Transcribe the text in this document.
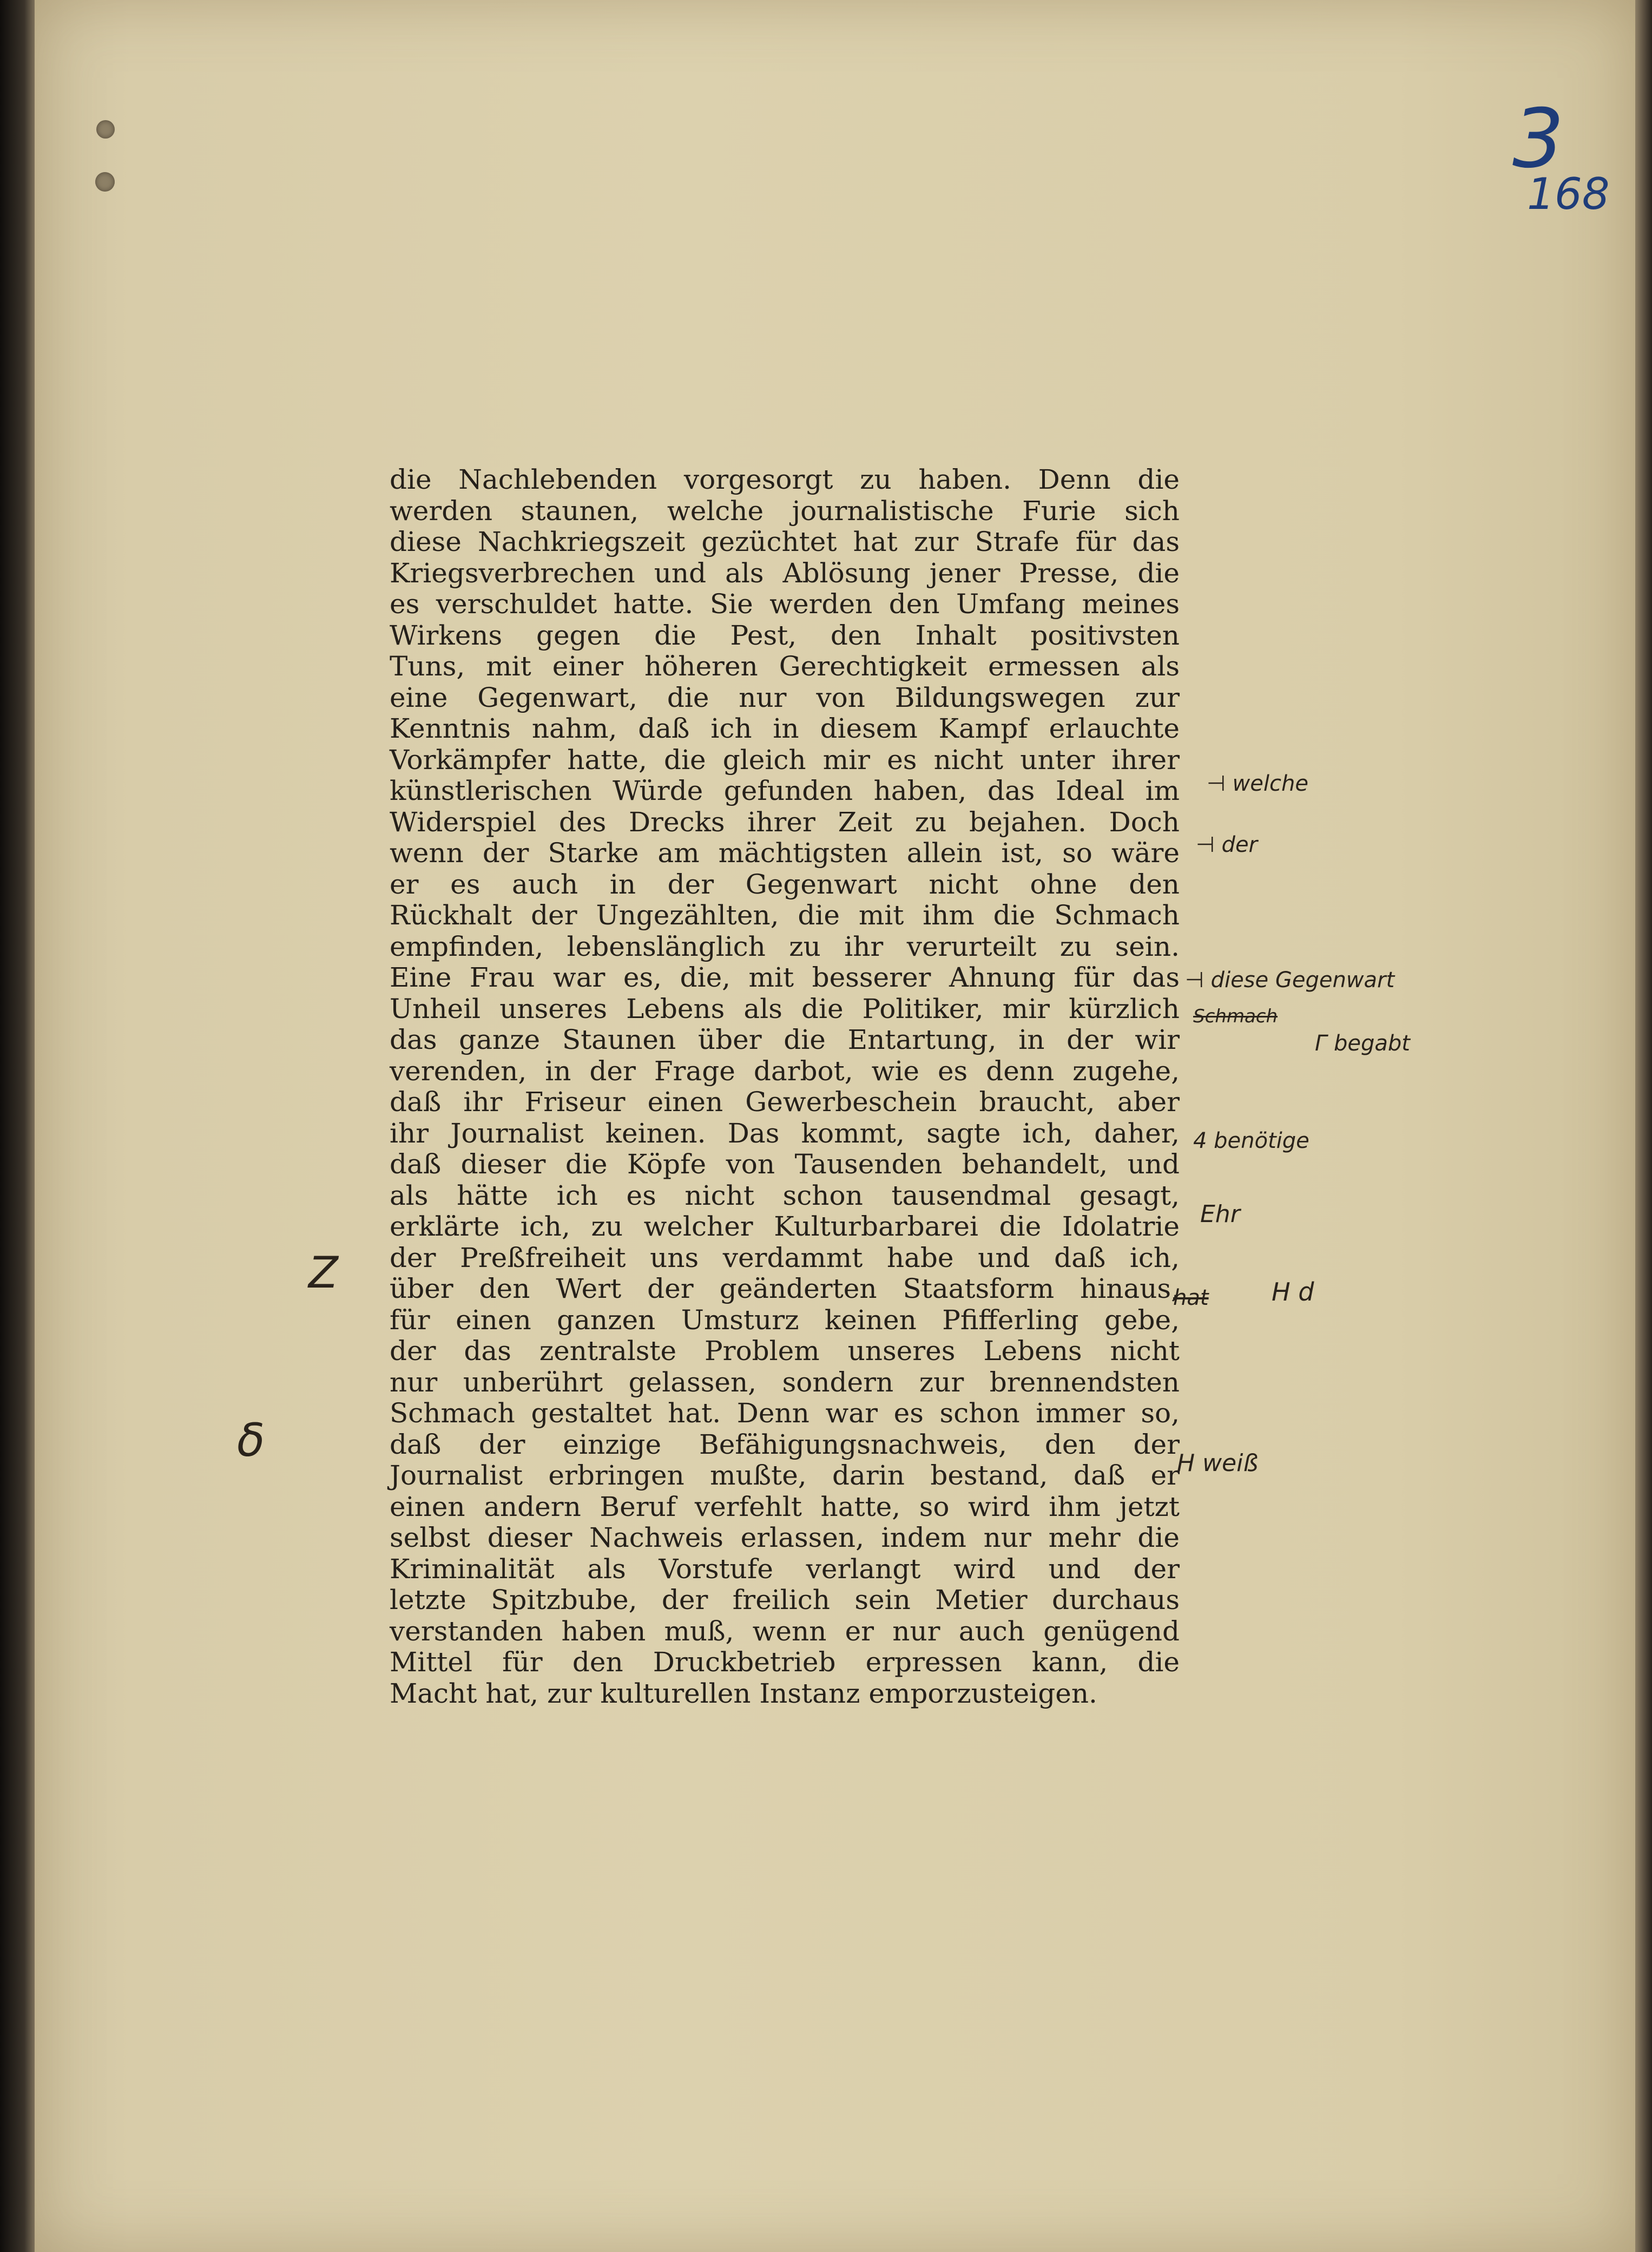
3
168
die Nachlebenden vorgesorgt zu haben. Denn die
werden staunen, welche journalistische Furie sich
diese Nachkriegszeit gezüchtet hat zur Strafe für das
Kriegsverbrechen und als Ablösung jener Presse, die
es verschuldet hatte. Sie werden den Umfang meines
Wirkens gegen die Pest, den Inhalt positivsten
Tuns, mit einer höheren Gerechtigkeit ermessen als
eine Gegenwart, die nur von Bildungswegen zur
Kenntnis nahm, daß ich in diesem Kampf erlauchte
Vorkämpfer hatte, die gleich mir es nicht unter ihrer
künstlerischen Würde gefunden haben, das Ideal im
Widerspiel des Drecks ihrer Zeit zu bejahen. Doch
wenn der Starke am mächtigsten allein ist, so wäre
er es auch in der Gegenwart nicht ohne den
Rückhalt der Ungezählten, die mit ihm die Schmach
empfinden, lebenslänglich zu ihr verurteilt zu sein.
Eine Frau war es, die, mit besserer Ahnung für das
Unheil unseres Lebens als die Politiker, mir kürzlich
das ganze Staunen über die Entartung, in der wir
verenden, in der Frage darbot, wie es denn zugehe,
daß ihr Friseur einen Gewerbeschein braucht, aber
ihr Journalist keinen. Das kommt, sagte ich, daher,
daß dieser die Köpfe von Tausenden behandelt, und
als hätte ich es nicht schon tausendmal gesagt,
erklärte ich, zu welcher Kulturbarbarei die Idolatrie
der Preßfreiheit uns verdammt habe und daß ich,
über den Wert der geänderten Staatsform hinaus,
für einen ganzen Umsturz keinen Pfifferling gebe,
der das zentralste Problem unseres Lebens nicht
nur unberührt gelassen, sondern zur brennendsten
Schmach gestaltet hat. Denn war es schon immer so,
daß der einzige Befähigungsnachweis, den der
Journalist erbringen mußte, darin bestand, daß er
einen andern Beruf verfehlt hatte, so wird ihm jetzt
selbst dieser Nachweis erlassen, indem nur mehr die
Kriminalität als Vorstufe verlangt wird und der
letzte Spitzbube, der freilich sein Metier durchaus
verstanden haben muß, wenn er nur auch genügend
Mittel für den Druckbetrieb erpressen kann, die
Macht hat, zur kulturellen Instanz emporzusteigen.
⊣ welche
⊣ der
⊣ diese Gegenwart
Schmach
Γ begabt
4 benötige
Ehr
hat	H d
H weiß
Z
δ
